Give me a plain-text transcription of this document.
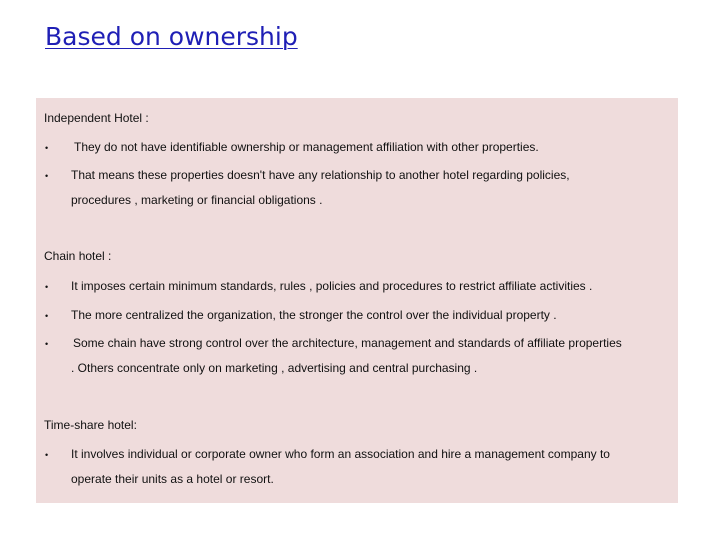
Based on ownership
Independent Hotel :
• They do not have identifiable ownership or management affiliation with other properties.
• That means these properties doesn't have any relationship to another hotel regarding policies,
procedures , marketing or financial obligations .
Chain hotel :
• It imposes certain minimum standards, rules , policies and procedures to restrict affiliate activities .
• The more centralized the organization, the stronger the control over the individual property .
• Some chain have strong control over the architecture, management and standards of affiliate properties
. Others concentrate only on marketing , advertising and central purchasing .
Time-share hotel:
• It involves individual or corporate owner who form an association and hire a management company to
operate their units as a hotel or resort.
